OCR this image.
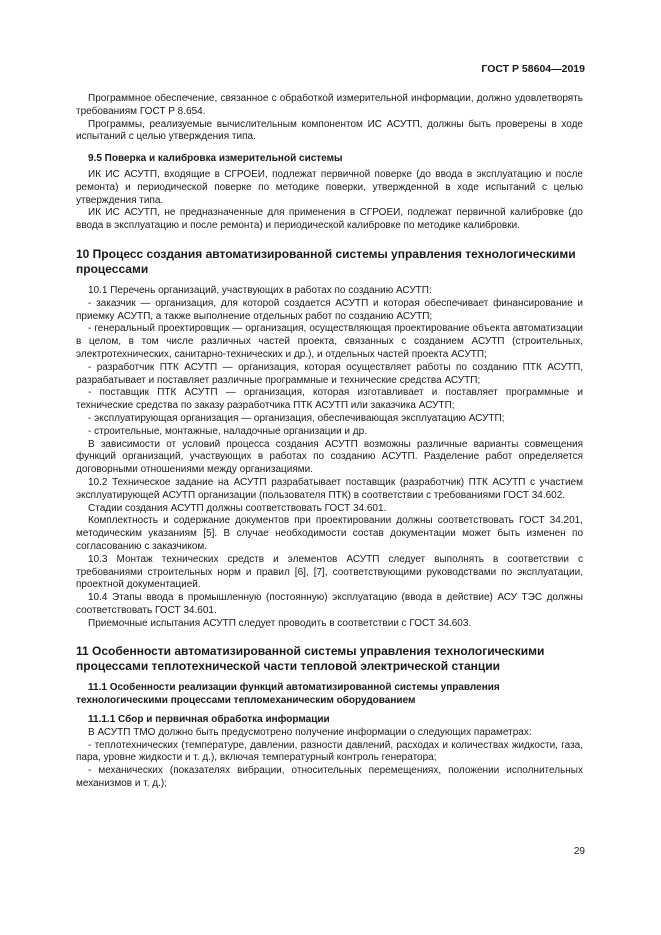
ГОСТ Р 58604—2019

Программное обеспечение, связанное с обработкой измерительной информации, должно удовлетворять требованиям ГОСТ Р 8.654.

Программы, реализуемые вычислительным компонентом ИС АСУТП, должны быть проверены в ходе испытаний с целью утверждения типа.

9.5 Поверка и калибровка измерительной системы

ИК ИС АСУТП, входящие в СГРОЕИ, подлежат первичной поверке (до ввода в эксплуатацию и после ремонта) и периодической поверке по методике поверки, утвержденной в ходе испытаний с целью утверждения типа.

ИК ИС АСУТП, не предназначенные для применения в СГРОЕИ, подлежат первичной калибровке (до ввода в эксплуатацию и после ремонта) и периодической калибровке по методике калибровки.

10 Процесс создания автоматизированной системы управления технологическими процессами

10.1 Перечень организаций, участвующих в работах по созданию АСУТП:

- заказчик — организация, для которой создается АСУТП и которая обеспечивает финансирование и приемку АСУТП, а также выполнение отдельных работ по созданию АСУТП;

- генеральный проектировщик — организация, осуществляющая проектирование объекта автоматизации в целом, в том числе различных частей проекта, связанных с созданием АСУТП (строительных, электротехнических, санитарно-технических и др.), и отдельных частей проекта АСУТП;

- разработчик ПТК АСУТП — организация, которая осуществляет работы по созданию ПТК АСУТП, разрабатывает и поставляет различные программные и технические средства АСУТП;

- поставщик ПТК АСУТП — организация, которая изготавливает и поставляет программные и технические средства по заказу разработчика ПТК АСУТП или заказчика АСУТП;

- эксплуатирующая организация — организация, обеспечивающая эксплуатацию АСУТП;

- строительные, монтажные, наладочные организации и др.

В зависимости от условий процесса создания АСУТП возможны различные варианты совмещения функций организаций, участвующих в работах по созданию АСУТП. Разделение работ определяется договорными отношениями между организациями.

10.2 Техническое задание на АСУТП разрабатывает поставщик (разработчик) ПТК АСУТП с участием эксплуатирующей АСУТП организации (пользователя ПТК) в соответствии с требованиями ГОСТ 34.602.

Стадии создания АСУТП должны соответствовать ГОСТ 34.601.

Комплектность и содержание документов при проектировании должны соответствовать ГОСТ 34.201, методическим указаниям [5]. В случае необходимости состав документации может быть изменен по согласованию с заказчиком.

10.3 Монтаж технических средств и элементов АСУТП следует выполнять в соответствии с требованиями строительных норм и правил [6], [7], соответствующими руководствами по эксплуатации, проектной документацией.

10.4 Этапы ввода в промышленную (постоянную) эксплуатацию (ввода в действие) АСУ ТЭС должны соответствовать ГОСТ 34.601.

Приемочные испытания АСУТП следует проводить в соответствии с ГОСТ 34.603.

11 Особенности автоматизированной системы управления технологическими процессами теплотехнической части тепловой электрической станции
11.1 Особенности реализации функций автоматизированной системы управления технологическими процессами тепломеханическим оборудованием
11.1.1 Сбор и первичная обработка информации

В АСУТП ТМО должно быть предусмотрено получение информации о следующих параметрах:

- теплотехнических (температуре, давлении, разности давлений, расходах и количествах жидкости, газа, пара, уровне жидкости и т. д.), включая температурный контроль генератора;

- механических (показателях вибрации, относительных перемещениях, положении исполнительных механизмов и т. д.);

29
